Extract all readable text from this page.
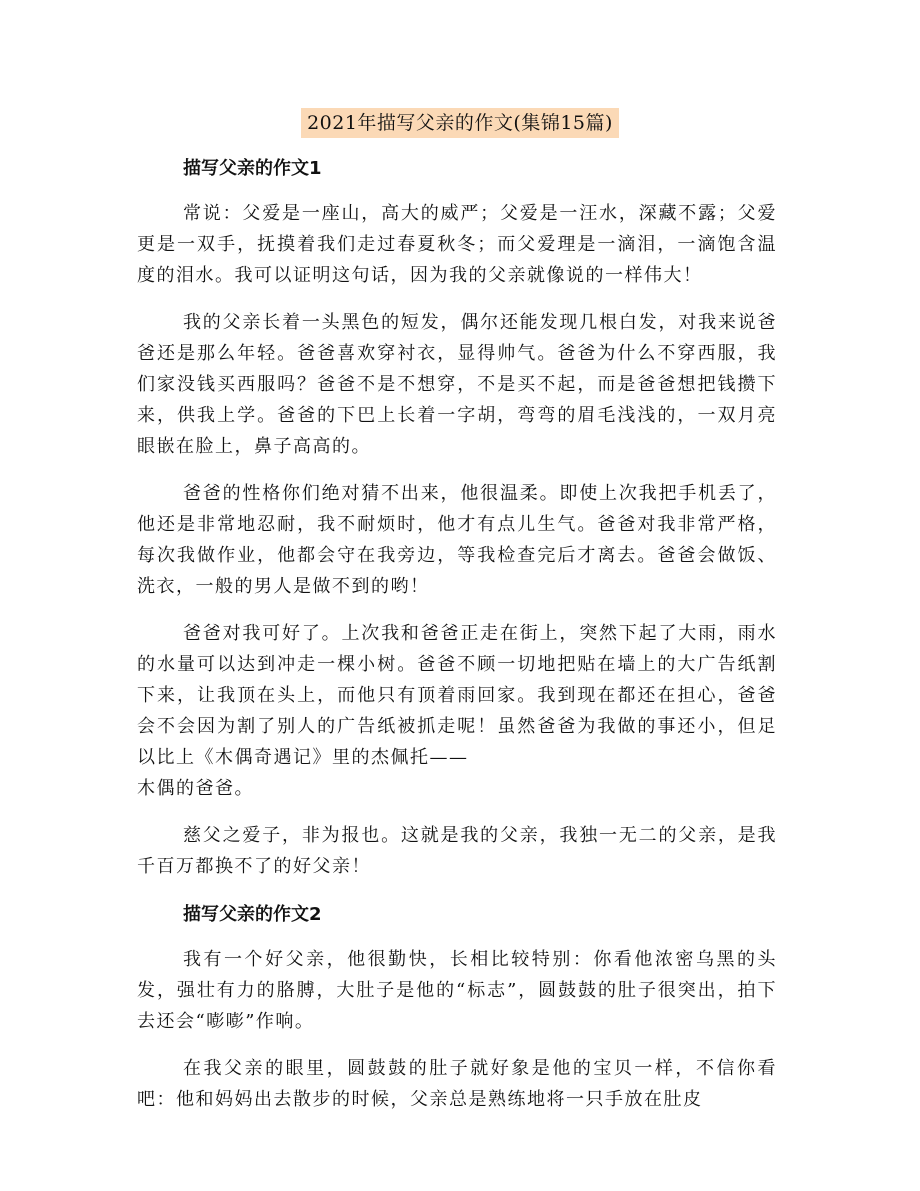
2021年描写父亲的作文(集锦15篇)
描写父亲的作文1

常说：父爱是一座山，高大的威严；父爱是一汪水，深藏不露；父爱更是一双手，抚摸着我们走过春夏秋冬；而父爱理是一滴泪，一滴饱含温度的泪水。我可以证明这句话，因为我的父亲就像说的一样伟大！

我的父亲长着一头黑色的短发，偶尔还能发现几根白发，对我来说爸爸还是那么年轻。爸爸喜欢穿衬衣，显得帅气。爸爸为什么不穿西服，我们家没钱买西服吗？爸爸不是不想穿，不是买不起，而是爸爸想把钱攒下来，供我上学。爸爸的下巴上长着一字胡，弯弯的眉毛浅浅的，一双月亮眼嵌在脸上，鼻子高高的。

爸爸的性格你们绝对猜不出来，他很温柔。即使上次我把手机丢了，他还是非常地忍耐，我不耐烦时，他才有点儿生气。爸爸对我非常严格，每次我做作业，他都会守在我旁边，等我检查完后才离去。爸爸会做饭、洗衣，一般的男人是做不到的哟！

爸爸对我可好了。上次我和爸爸正走在街上，突然下起了大雨，雨水的水量可以达到冲走一棵小树。爸爸不顾一切地把贴在墙上的大广告纸割下来，让我顶在头上，而他只有顶着雨回家。我到现在都还在担心，爸爸会不会因为割了别人的广告纸被抓走呢！虽然爸爸为我做的事还小，但足以比上《木偶奇遇记》里的杰佩托——
木偶的爸爸。

慈父之爱子，非为报也。这就是我的父亲，我独一无二的父亲，是我千百万都换不了的好父亲！

描写父亲的作文2

我有一个好父亲，他很勤快，长相比较特别：你看他浓密乌黑的头发，强壮有力的胳膊，大肚子是他的“标志”，圆鼓鼓的肚子很突出，拍下去还会“嘭嘭”作响。

在我父亲的眼里，圆鼓鼓的肚子就好象是他的宝贝一样，不信你看吧：他和妈妈出去散步的时候，父亲总是熟练地将一只手放在肚皮
